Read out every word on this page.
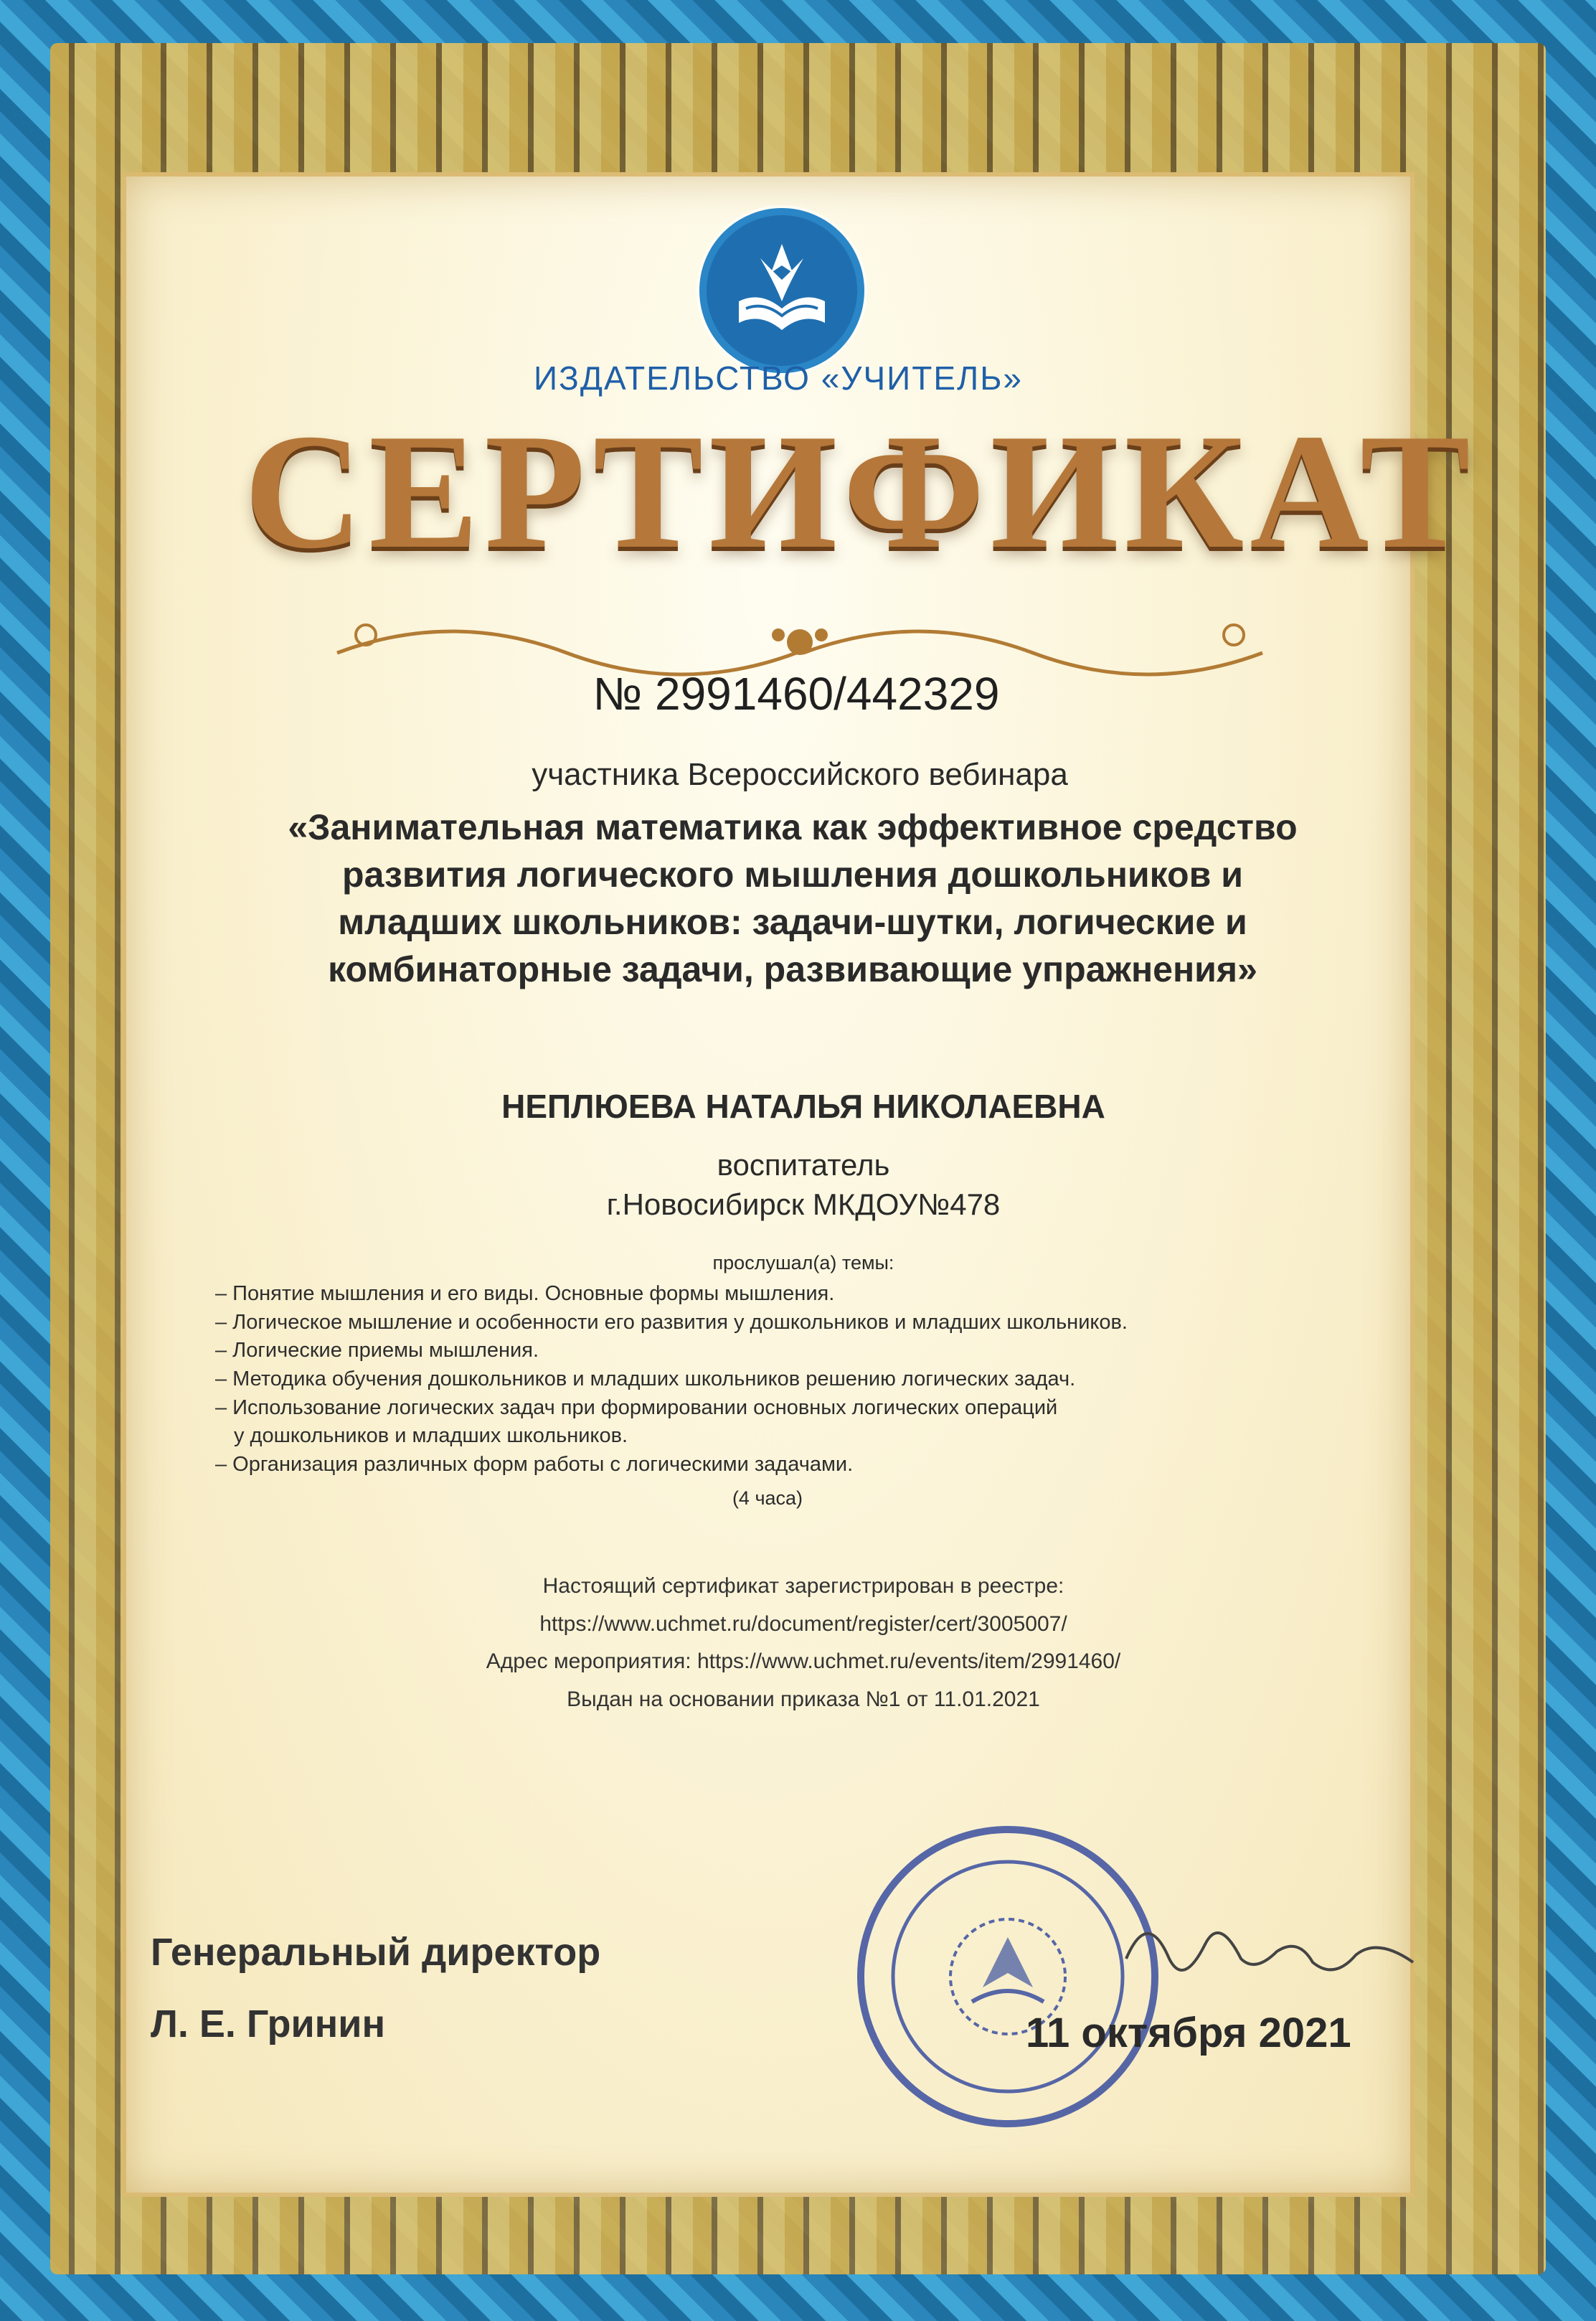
ИЗДАТЕЛЬСТВО «УЧИТЕЛЬ»
СЕРТИФИКАТ
№ 2991460/442329
участника Всероссийского вебинара
«Занимательная математика как эффективное средство
развития логического мышления дошкольников и
младших школьников: задачи-шутки, логические и
комбинаторные задачи, развивающие упражнения»
НЕПЛЮЕВА НАТАЛЬЯ НИКОЛАЕВНА
воспитатель
г.Новосибирск МКДОУ№478
прослушал(а) темы:
– Понятие мышления и его виды. Основные формы мышления.
– Логическое мышление и особенности его развития у дошкольников и младших школьников.
– Логические приемы мышления.
– Методика обучения дошкольников и младших школьников решению логических задач.
– Использование логических задач при формировании основных логических операций
у дошкольников и младших школьников.
– Организация различных форм работы с логическими задачами.
(4 часа)
Настоящий сертификат зарегистрирован в реестре:
https://www.uchmet.ru/document/register/cert/3005007/
Адрес мероприятия: https://www.uchmet.ru/events/item/2991460/
Выдан на основании приказа №1 от 11.01.2021
Генеральный директор
Л. Е. Гринин	11 октября 2021
